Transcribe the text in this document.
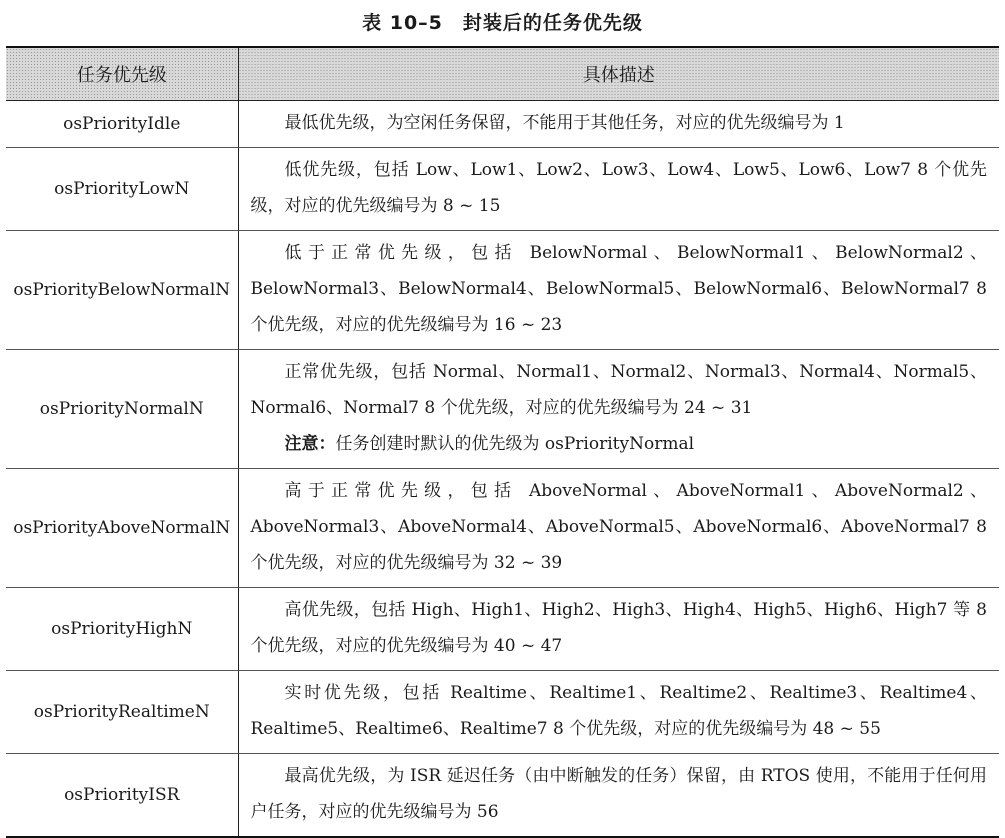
表 10–5　封装后的任务优先级
任务优先级	具体描述
osPriorityIdle	最低优先级，为空闲任务保留，不能用于其他任务，对应的优先级编号为 1
osPriorityLowN	低优先级，包括 Low、Low1、Low2、Low3、Low4、Low5、Low6、Low7 8 个优先级，对应的优先级编号为 8 ~ 15
osPriorityBelowNormalN	低于正常优先级，包括 BelowNormal、BelowNormal1、BelowNormal2、BelowNormal3、BelowNormal4、BelowNormal5、BelowNormal6、BelowNormal7 8 个优先级，对应的优先级编号为 16 ~ 23
osPriorityNormalN	正常优先级，包括 Normal、Normal1、Normal2、Normal3、Normal4、Normal5、Normal6、Normal7 8 个优先级，对应的优先级编号为 24 ~ 31
注意：任务创建时默认的优先级为 osPriorityNormal

osPriorityAboveNormalN	高于正常优先级，包括 AboveNormal、AboveNormal1、AboveNormal2、AboveNormal3、AboveNormal4、AboveNormal5、AboveNormal6、AboveNormal7 8 个优先级，对应的优先级编号为 32 ~ 39
osPriorityHighN	高优先级，包括 High、High1、High2、High3、High4、High5、High6、High7 等 8 个优先级，对应的优先级编号为 40 ~ 47
osPriorityRealtimeN	实时优先级，包括 Realtime、Realtime1、Realtime2、Realtime3、Realtime4、Realtime5、Realtime6、Realtime7 8 个优先级，对应的优先级编号为 48 ~ 55
osPriorityISR	最高优先级，为 ISR 延迟任务（由中断触发的任务）保留，由 RTOS 使用，不能用于任何用户任务，对应的优先级编号为 56
